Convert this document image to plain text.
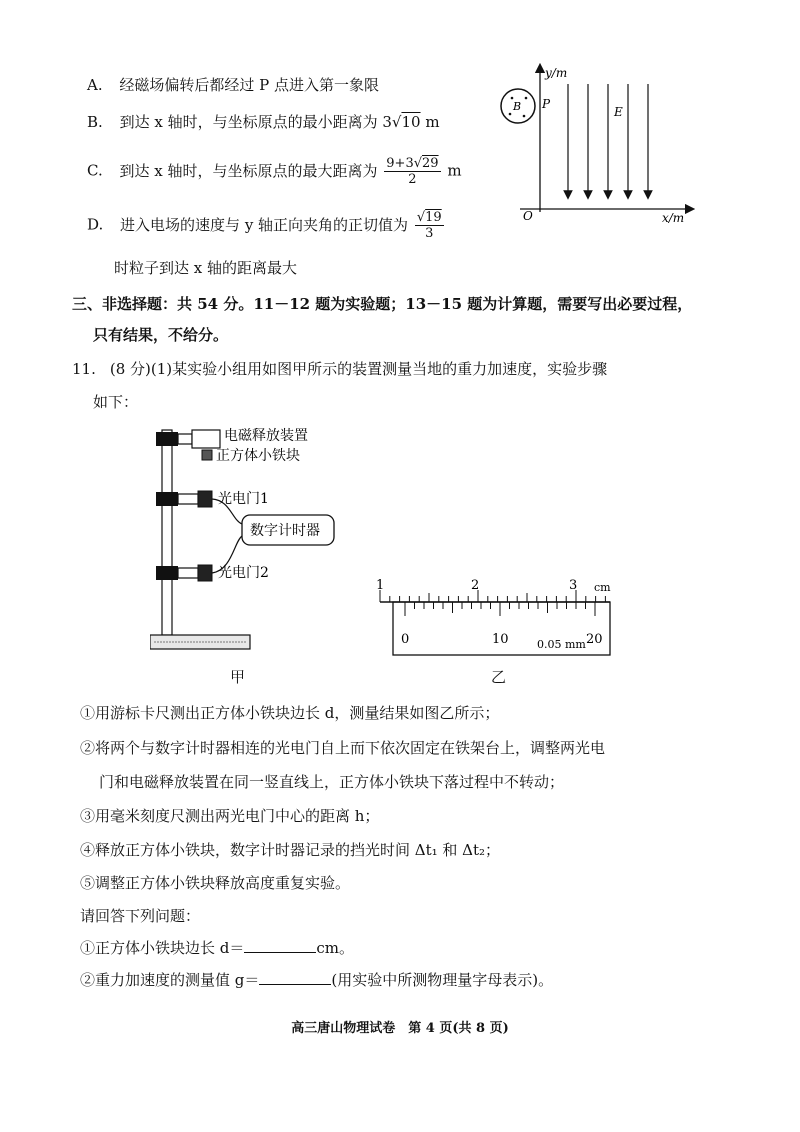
A. 经磁场偏转后都经过 P 点进入第一象限
B. 到达 x 轴时，与坐标原点的最小距离为 3√10 m
C. 到达 x 轴时，与坐标原点的最大距离为 $\frac{9+3√29}{2}$ m
D. 进入电场的速度与 y 轴正向夹角的正切值为 $\frac{√19}{3}$
时粒子到达 x 轴的距离最大
B
y/m
P
E
O	x/m
三、非选择题：共 54 分。11－12 题为实验题；13－15 题为计算题，需要写出必要过程，
只有结果，不给分。
11. (8 分)(1)某实验小组用如图甲所示的装置测量当地的重力加速度，实验步骤
如下：
电磁释放装置
正方体小铁块
光电门1
数字计时器
光电门2
甲
1	2	3 cm
0	10	20
0.05 mm
乙
①用游标卡尺测出正方体小铁块边长 d，测量结果如图乙所示；
②将两个与数字计时器相连的光电门自上而下依次固定在铁架台上，调整两光电
门和电磁释放装置在同一竖直线上，正方体小铁块下落过程中不转动；
③用毫米刻度尺测出两光电门中心的距离 h；
④释放正方体小铁块，数字计时器记录的挡光时间 Δt₁ 和 Δt₂；
⑤调整正方体小铁块释放高度重复实验。
请回答下列问题：
①正方体小铁块边长 d＝	cm。
②重力加速度的测量值 g＝	(用实验中所测物理量字母表示)。
高三唐山物理试卷　第 4 页(共 8 页)
